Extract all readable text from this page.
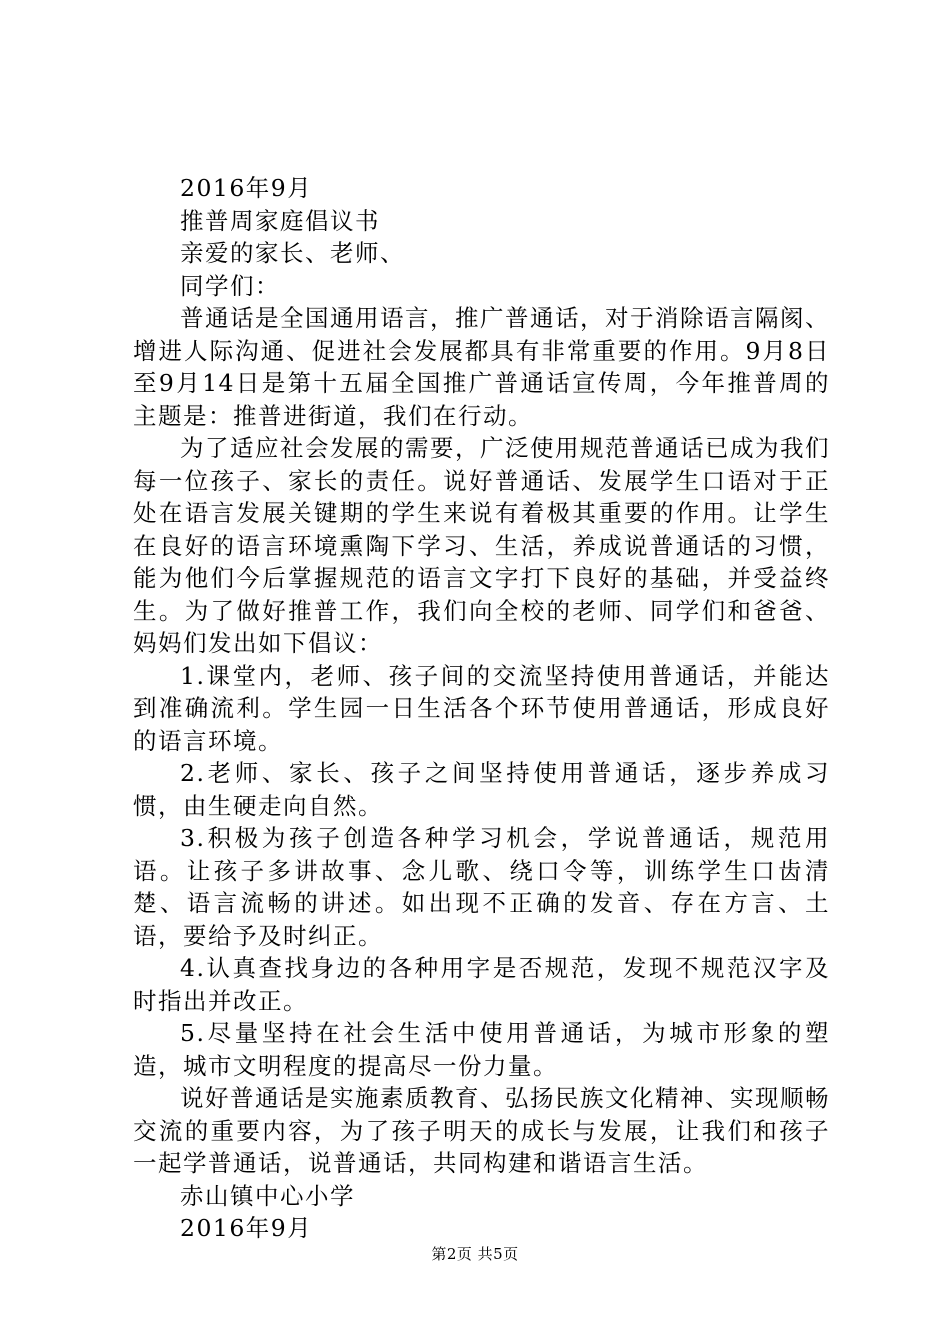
2016年9月

推普周家庭倡议书

亲爱的家长、老师、

同学们：

普通话是全国通用语言，推广普通话，对于消除语言隔阂、增进人际沟通、促进社会发展都具有非常重要的作用。9月8日至9月14日是第十五届全国推广普通话宣传周，今年推普周的主题是：推普进街道，我们在行动。

为了适应社会发展的需要，广泛使用规范普通话已成为我们每一位孩子、家长的责任。说好普通话、发展学生口语对于正处在语言发展关键期的学生来说有着极其重要的作用。让学生在良好的语言环境熏陶下学习、生活，养成说普通话的习惯，能为他们今后掌握规范的语言文字打下良好的基础，并受益终生。为了做好推普工作，我们向全校的老师、同学们和爸爸、妈妈们发出如下倡议：

1.课堂内，老师、孩子间的交流坚持使用普通话，并能达到准确流利。学生园一日生活各个环节使用普通话，形成良好的语言环境。

2.老师、家长、孩子之间坚持使用普通话，逐步养成习惯，由生硬走向自然。

3.积极为孩子创造各种学习机会，学说普通话，规范用语。让孩子多讲故事、念儿歌、绕口令等，训练学生口齿清楚、语言流畅的讲述。如出现不正确的发音、存在方言、土语，要给予及时纠正。

4.认真查找身边的各种用字是否规范，发现不规范汉字及时指出并改正。

5.尽量坚持在社会生活中使用普通话，为城市形象的塑造，城市文明程度的提高尽一份力量。

说好普通话是实施素质教育、弘扬民族文化精神、实现顺畅交流的重要内容，为了孩子明天的成长与发展，让我们和孩子一起学普通话，说普通话，共同构建和谐语言生活。

赤山镇中心小学

2016年9月

第2页 共5页
